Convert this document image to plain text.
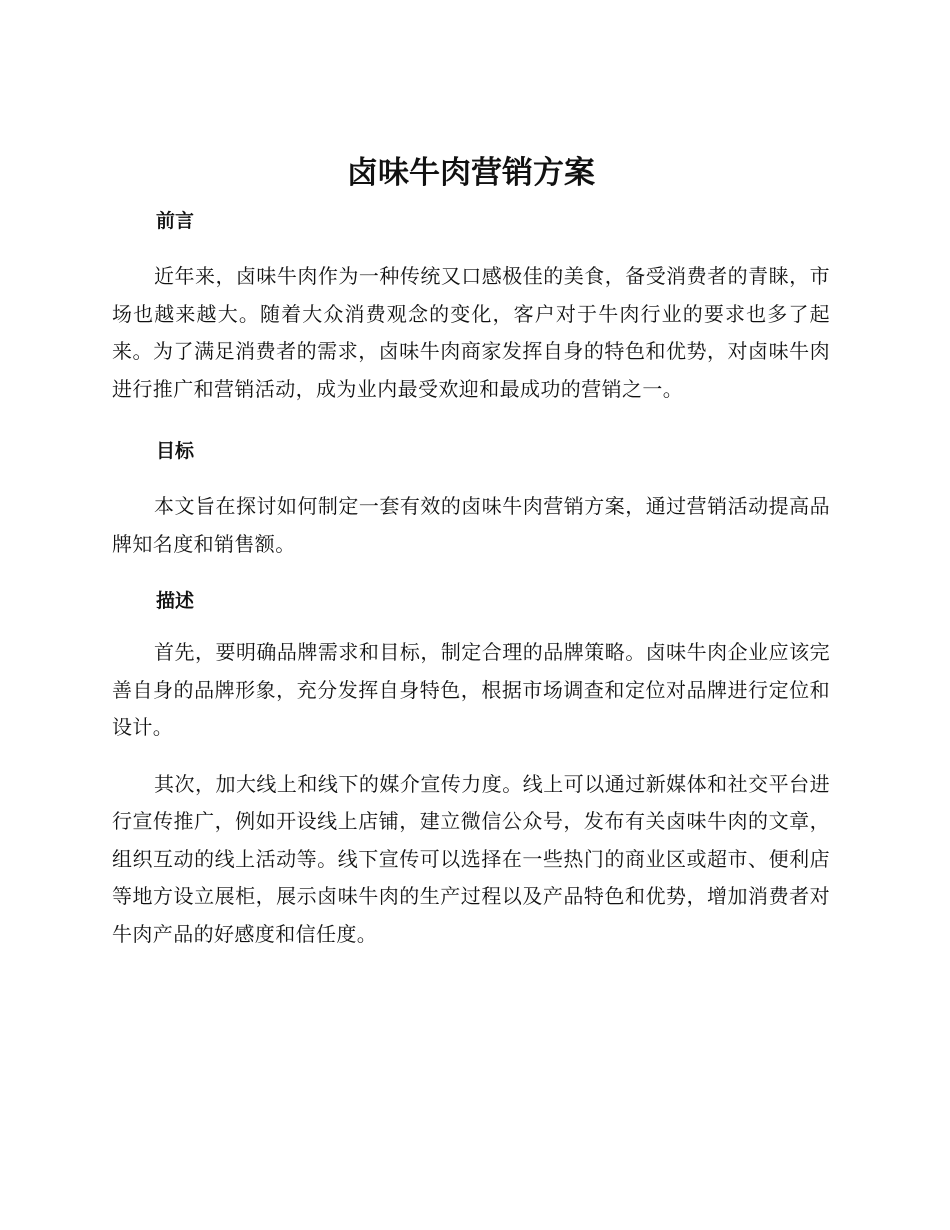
卤味牛肉营销方案
前言

近年来，卤味牛肉作为一种传统又口感极佳的美食，备受消费者的青睐，市场也越来越大。随着大众消费观念的变化，客户对于牛肉行业的要求也多了起来。为了满足消费者的需求，卤味牛肉商家发挥自身的特色和优势，对卤味牛肉进行推广和营销活动，成为业内最受欢迎和最成功的营销之一。

目标

本文旨在探讨如何制定一套有效的卤味牛肉营销方案，通过营销活动提高品牌知名度和销售额。

描述

首先，要明确品牌需求和目标，制定合理的品牌策略。卤味牛肉企业应该完善自身的品牌形象，充分发挥自身特色，根据市场调查和定位对品牌进行定位和设计。

其次，加大线上和线下的媒介宣传力度。线上可以通过新媒体和社交平台进行宣传推广，例如开设线上店铺，建立微信公众号，发布有关卤味牛肉的文章，组织互动的线上活动等。线下宣传可以选择在一些热门的商业区或超市、便利店等地方设立展柜，展示卤味牛肉的生产过程以及产品特色和优势，增加消费者对牛肉产品的好感度和信任度。
